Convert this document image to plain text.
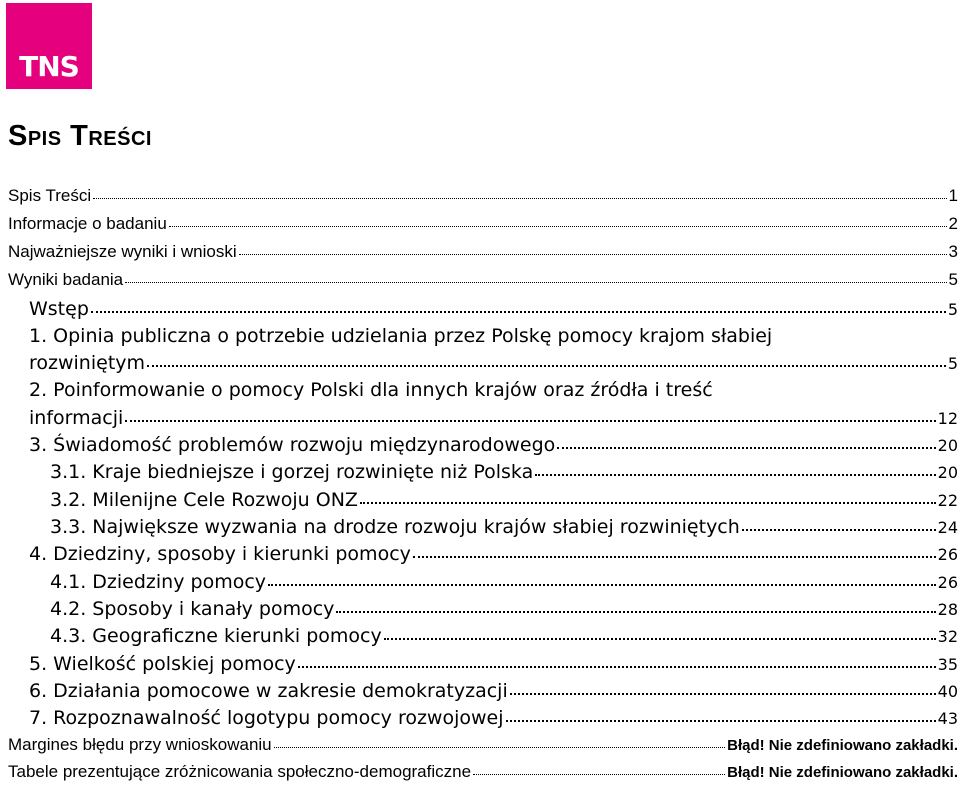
TNS
Spis Treści
Spis Treści	1
Informacje o badaniu	2
Najważniejsze wyniki i wnioski	3
Wyniki badania	5
Wstęp	5
1. Opinia publiczna o potrzebie udzielania przez Polskę pomocy krajom słabiej
rozwiniętym	5
2. Poinformowanie o pomocy Polski dla innych krajów oraz źródła i treść
informacji	12
3. Świadomość problemów rozwoju międzynarodowego	20
3.1. Kraje biedniejsze i gorzej rozwinięte niż Polska	20
3.2. Milenijne Cele Rozwoju ONZ	22
3.3. Największe wyzwania na drodze rozwoju krajów słabiej rozwiniętych	24
4. Dziedziny, sposoby i kierunki pomocy	26
4.1. Dziedziny pomocy	26
4.2. Sposoby i kanały pomocy	28
4.3. Geograficzne kierunki pomocy	32
5. Wielkość polskiej pomocy	35
6. Działania pomocowe w zakresie demokratyzacji	40
7. Rozpoznawalność logotypu pomocy rozwojowej	43
Margines błędu przy wnioskowaniu	Błąd! Nie zdefiniowano zakładki.
Tabele prezentujące zróżnicowania społeczno-demograficzne	Błąd! Nie zdefiniowano zakładki.
